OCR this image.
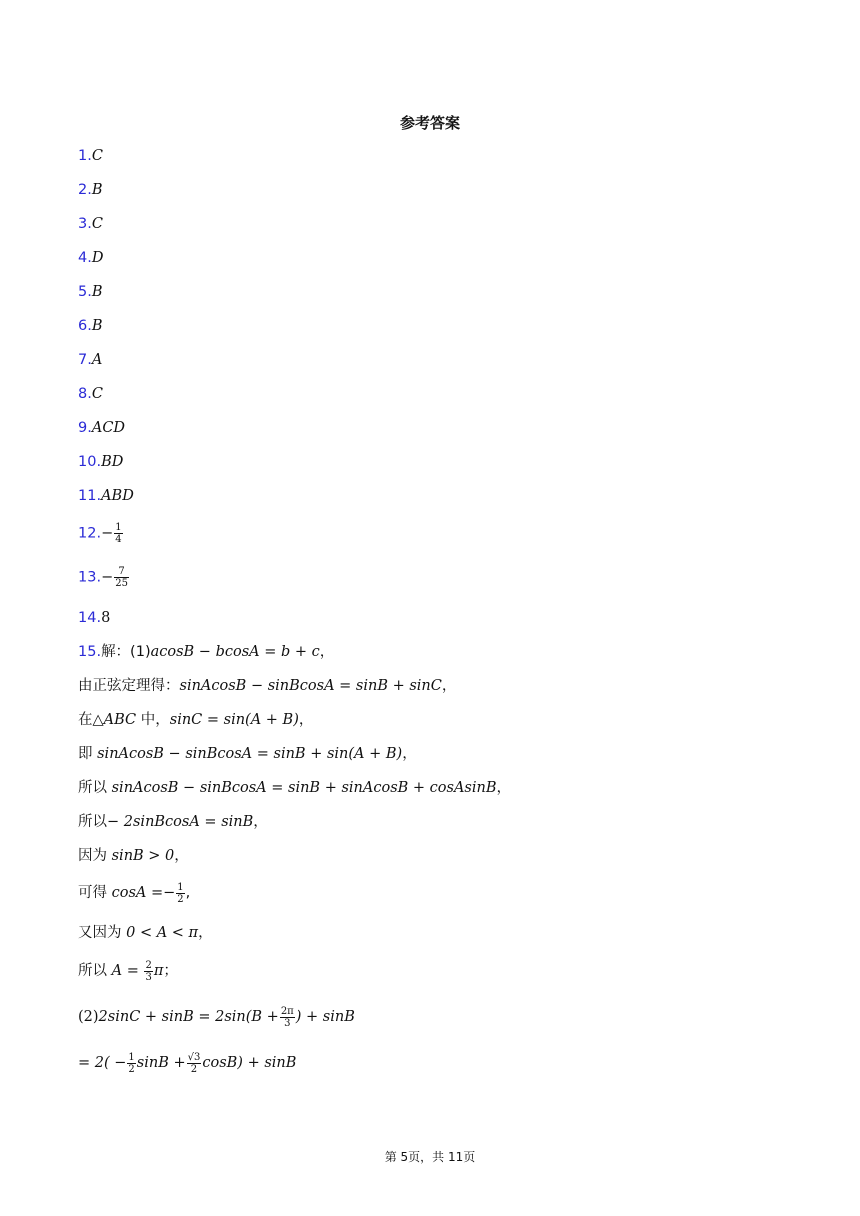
参考答案
1.C
2.B
3.C
4.D
5.B
6.B
7.A
8.C
9.ACD
10.BD
11.ABD
$12.- \frac{1}{4}$
$13.- \frac{7}{25}$
14.8
15.解：(1)acosB − bcosA = b + c，
由正弦定理得：sinAcosB − sinBcosA = sinB + sinC，
在△ABC 中，sinC = sin(A + B)，
即 sinAcosB − sinBcosA = sinB + sin(A + B)，
所以 sinAcosB − sinBcosA = sinB + sinAcosB + cosAsinB，
所以− 2sinBcosA = sinB，
因为 sinB > 0，
可得 $\cos A =- \frac{1}{2}$ ,
又因为 0 < A < π，
所以 $A = \frac{2}{3}$ π；
$(2)2\sin C + \sin B = 2\sin(B + \frac{2\pi}{3}$ ) + sinB
= $2( - \frac{1}{2}$ $\sin B + \frac{√3}{2} \cos B) + \sin B$
第 5页，共 11页
